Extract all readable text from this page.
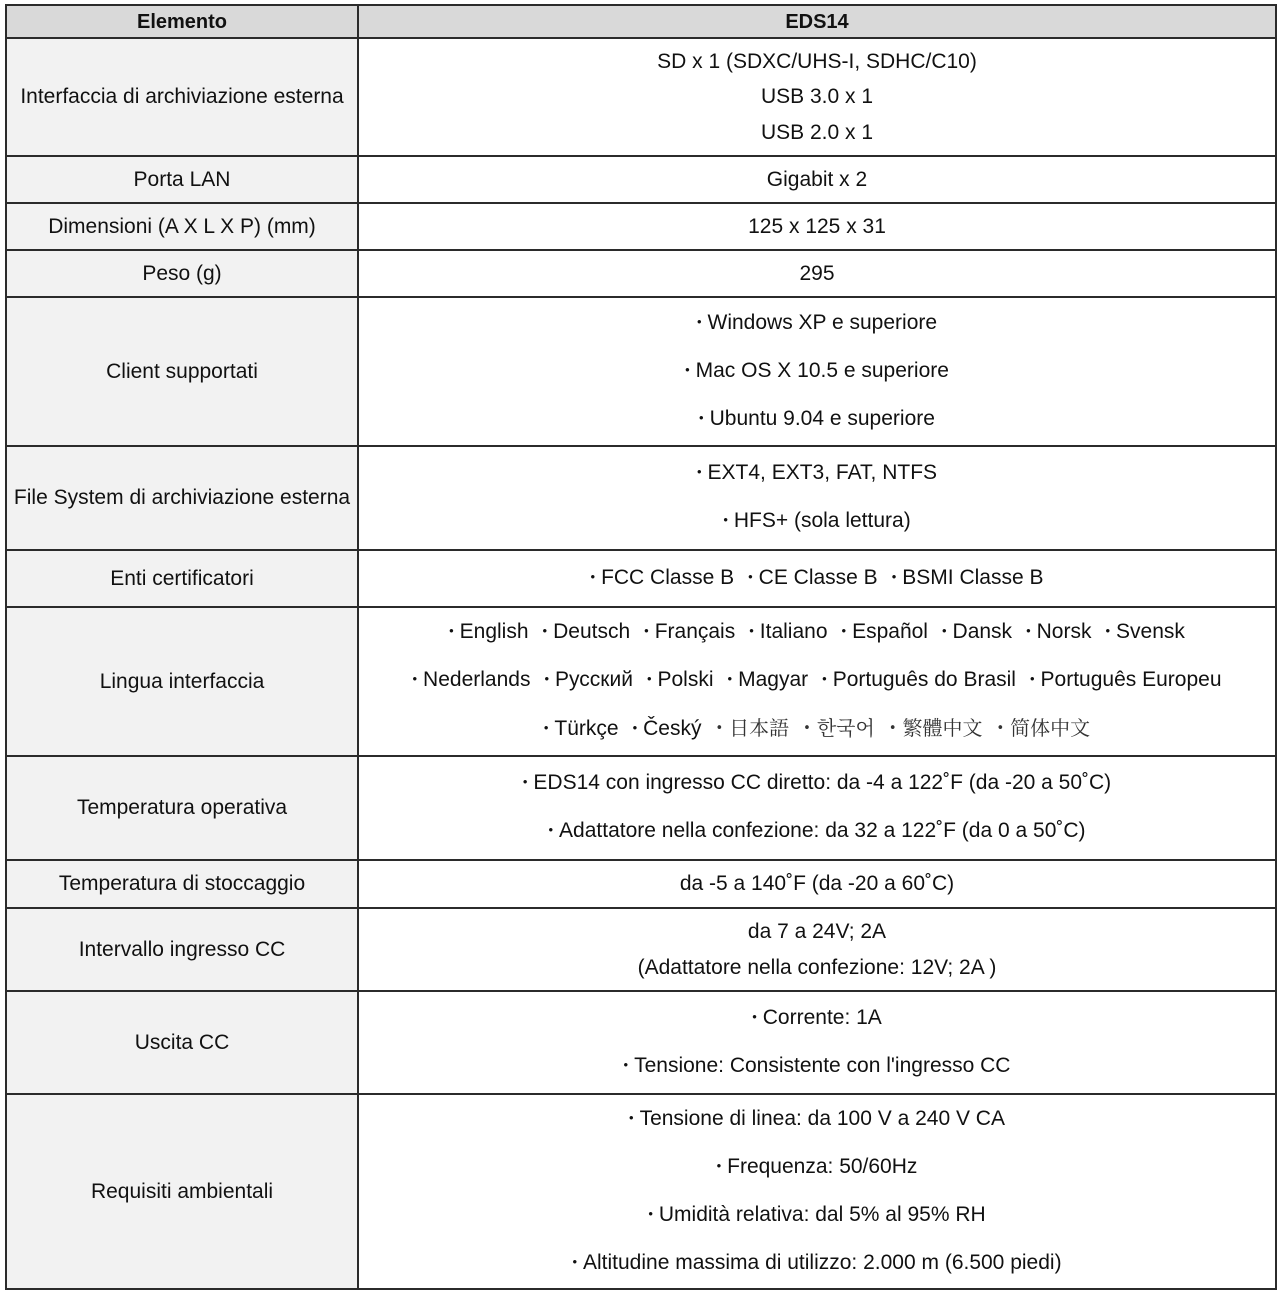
Elemento	EDS14
Interfaccia di archiviazione esterna	SD x 1 (SDXC/UHS-I, SDHC/C10)
USB 3.0 x 1
USB 2.0 x 1

Porta LAN	Gigabit x 2

Dimensioni (A X L X P) (mm)	125 x 125 x 31

Peso (g)	295

Client supportati	• Windows XP e superiore
• Mac OS X 10.5 e superiore
• Ubuntu 9.04 e superiore

File System di archiviazione esterna	• EXT4, EXT3, FAT, NTFS
• HFS+ (sola lettura)

Enti certificatori	• FCC Classe B • CE Classe B • BSMI Classe B

Lingua interfaccia	• English • Deutsch • Français • Italiano • Español • Dansk • Norsk • Svensk
• Nederlands • Русский • Polski • Magyar • Português do Brasil • Português Europeu
• Türkçe • Český • 日本語 • 한국어 • 繁體中文 • 简体中文

Temperatura operativa	• EDS14 con ingresso CC diretto: da -4 a 122˚F (da -20 a 50˚C)
• Adattatore nella confezione: da 32 a 122˚F (da 0 a 50˚C)

Temperatura di stoccaggio	da -5 a 140˚F (da -20 a 60˚C)

Intervallo ingresso CC	da 7 a 24V; 2A
(Adattatore nella confezione: 12V; 2A )

Uscita CC	• Corrente: 1A
• Tensione: Consistente con l'ingresso CC

Requisiti ambientali	• Tensione di linea: da 100 V a 240 V CA
• Frequenza: 50/60Hz
• Umidità relativa: dal 5% al 95% RH
• Altitudine massima di utilizzo: 2.000 m (6.500 piedi)
